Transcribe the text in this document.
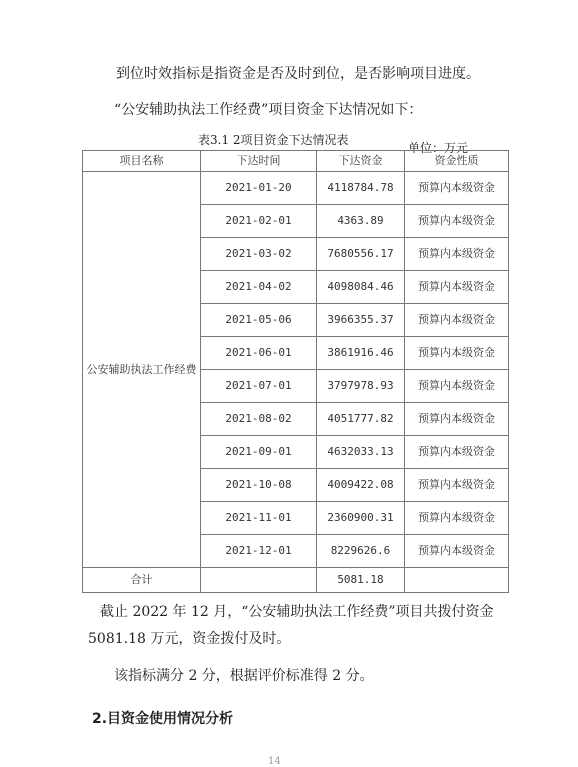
到位时效指标是指资金是否及时到位，是否影响项目进度。
“公安辅助执法工作经费”项目资金下达情况如下：
表3.1 2项目资金下达情况表
单位：万元
项目名称	下达时间	下达资金	资金性质
公安辅助执法工作经费	2021-01-20	4118784.78	预算内本级资金
	2021-02-01	4363.89	预算内本级资金
	2021-03-02	7680556.17	预算内本级资金
	2021-04-02	4098084.46	预算内本级资金
	2021-05-06	3966355.37	预算内本级资金
	2021-06-01	3861916.46	预算内本级资金
	2021-07-01	3797978.93	预算内本级资金
	2021-08-02	4051777.82	预算内本级资金
	2021-09-01	4632033.13	预算内本级资金
	2021-10-08	4009422.08	预算内本级资金
	2021-11-01	2360900.31	预算内本级资金
	2021-12-01	8229626.6	预算内本级资金
合计		5081.18	
截止 2022 年 12 月，“公安辅助执法工作经费”项目共拨付资金
5081.18 万元，资金拨付及时。
该指标满分 2 分，根据评价标准得 2 分。
2.目资金使用情况分析
14
